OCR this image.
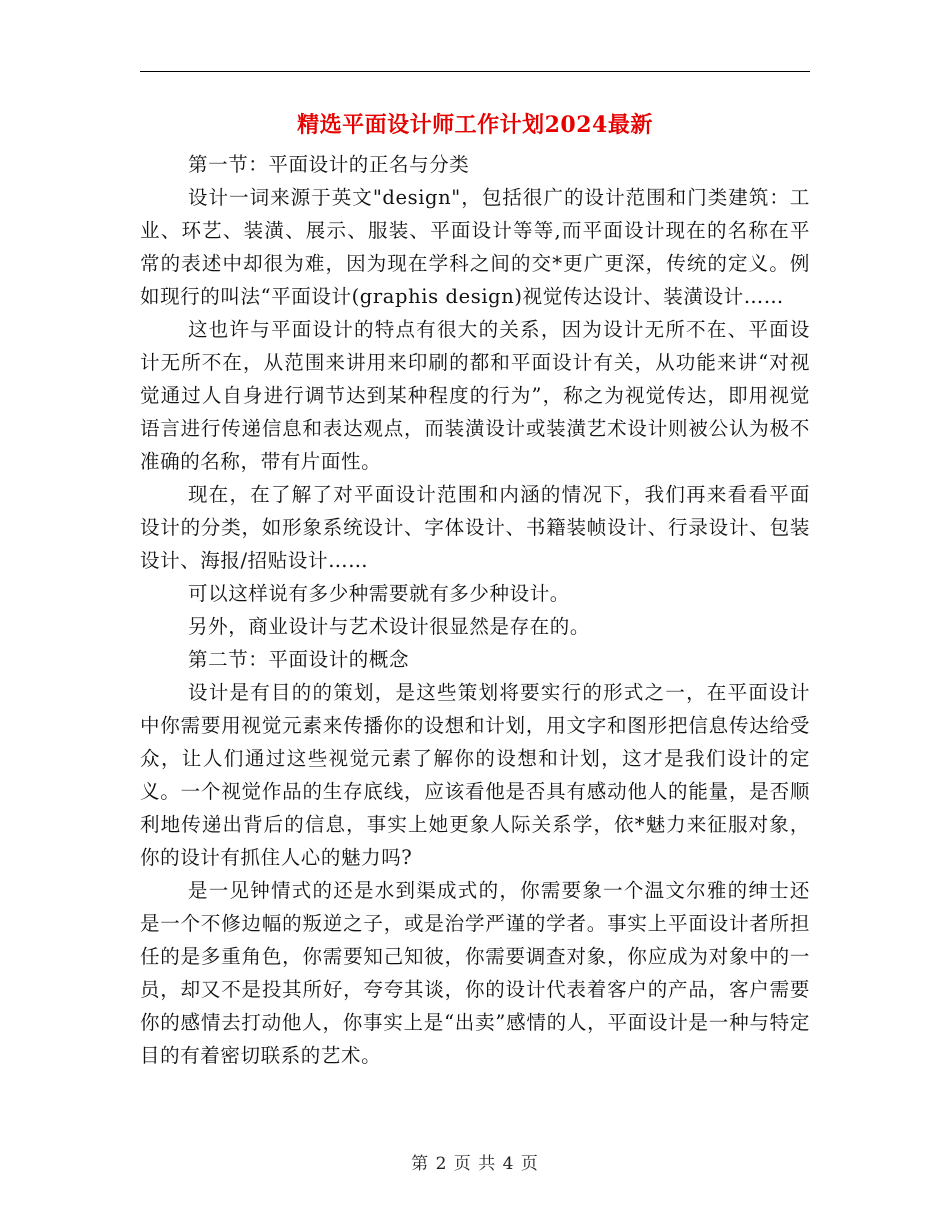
精选平面设计师工作计划2024最新

第一节：平面设计的正名与分类

设计一词来源于英文"design"，包括很广的设计范围和门类建筑：工业、环艺、装潢、展示、服装、平面设计等等,而平面设计现在的名称在平常的表述中却很为难，因为现在学科之间的交*更广更深，传统的定义。例如现行的叫法“平面设计(graphis design)视觉传达设计、装潢设计……

这也许与平面设计的特点有很大的关系，因为设计无所不在、平面设计无所不在，从范围来讲用来印刷的都和平面设计有关，从功能来讲“对视觉通过人自身进行调节达到某种程度的行为”，称之为视觉传达，即用视觉语言进行传递信息和表达观点，而装潢设计或装潢艺术设计则被公认为极不准确的名称，带有片面性。

现在，在了解了对平面设计范围和内涵的情况下，我们再来看看平面设计的分类，如形象系统设计、字体设计、书籍装帧设计、行录设计、包装设计、海报/招贴设计……

可以这样说有多少种需要就有多少种设计。

另外，商业设计与艺术设计很显然是存在的。

第二节：平面设计的概念

设计是有目的的策划，是这些策划将要实行的形式之一，在平面设计中你需要用视觉元素来传播你的设想和计划，用文字和图形把信息传达给受众，让人们通过这些视觉元素了解你的设想和计划，这才是我们设计的定义。一个视觉作品的生存底线，应该看他是否具有感动他人的能量，是否顺利地传递出背后的信息，事实上她更象人际关系学，依*魅力来征服对象，你的设计有抓住人心的魅力吗?

是一见钟情式的还是水到渠成式的，你需要象一个温文尔雅的绅士还是一个不修边幅的叛逆之子，或是治学严谨的学者。事实上平面设计者所担任的是多重角色，你需要知己知彼，你需要调查对象，你应成为对象中的一员，却又不是投其所好，夸夸其谈，你的设计代表着客户的产品，客户需要你的感情去打动他人，你事实上是“出卖”感情的人，平面设计是一种与特定目的有着密切联系的艺术。

第 2 页 共 4 页
